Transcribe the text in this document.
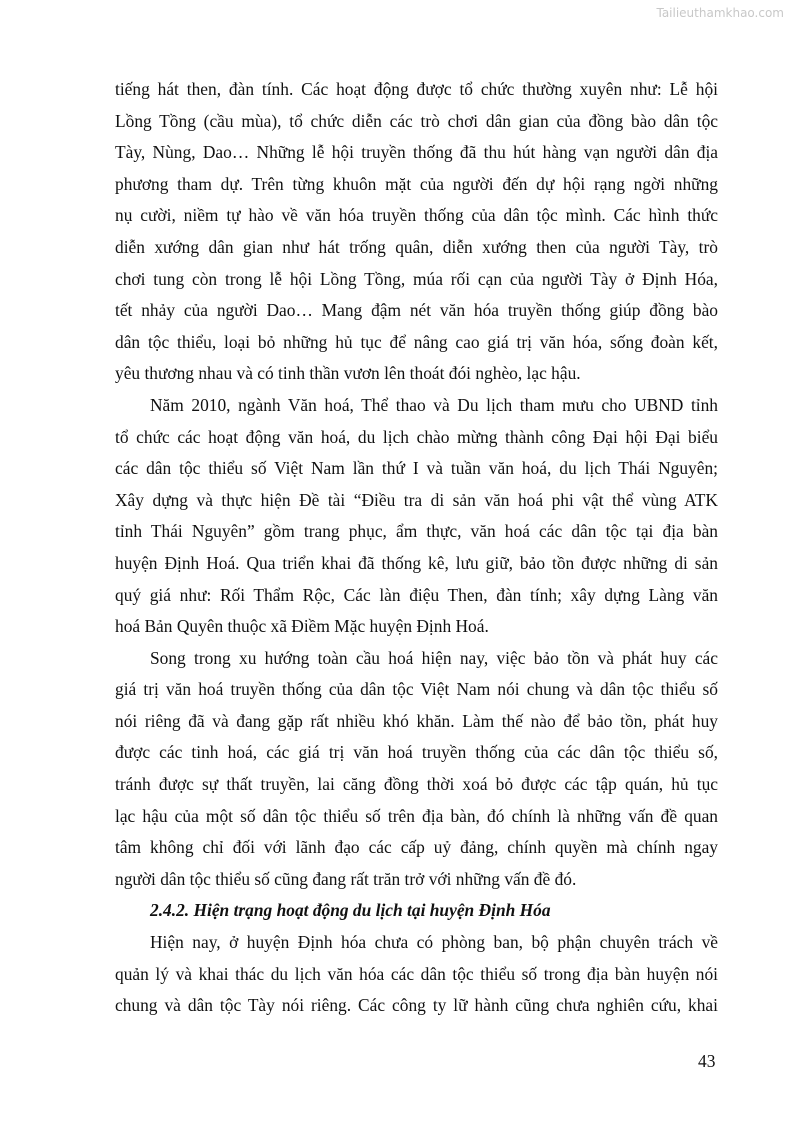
Tailieuthamkhao.com
tiếng hát then, đàn tính. Các hoạt động được tổ chức thường xuyên như: Lễ hội
Lồng Tồng (cầu mùa), tổ chức diễn các trò chơi dân gian của đồng bào dân tộc
Tày, Nùng, Dao… Những lễ hội truyền thống đã thu hút hàng vạn người dân địa
phương tham dự. Trên từng khuôn mặt của người đến dự hội rạng ngời những
nụ cười, niềm tự hào về văn hóa truyền thống của dân tộc mình. Các hình thức
diễn xướng dân gian như hát trống quân, diễn xướng then của người Tày, trò
chơi tung còn trong lễ hội Lồng Tồng, múa rối cạn của người Tày ở Định Hóa,
tết nhảy của người Dao… Mang đậm nét văn hóa truyền thống giúp đồng bào
dân tộc thiểu, loại bỏ những hủ tục để nâng cao giá trị văn hóa, sống đoàn kết,
yêu thương nhau và có tinh thần vươn lên thoát đói nghèo, lạc hậu.
Năm 2010, ngành Văn hoá, Thể thao và Du lịch tham mưu cho UBND tỉnh
tổ chức các hoạt động văn hoá, du lịch chào mừng thành công Đại hội Đại biểu
các dân tộc thiểu số Việt Nam lần thứ I và tuần văn hoá, du lịch Thái Nguyên;
Xây dựng và thực hiện Đề tài “Điều tra di sản văn hoá phi vật thể vùng ATK
tỉnh Thái Nguyên” gồm trang phục, ẩm thực, văn hoá các dân tộc tại địa bàn
huyện Định Hoá. Qua triển khai đã thống kê, lưu giữ, bảo tồn được những di sản
quý giá như: Rối Thẩm Rộc, Các làn điệu Then, đàn tính; xây dựng Làng văn
hoá Bản Quyên thuộc xã Điềm Mặc huyện Định Hoá.
Song trong xu hướng toàn cầu hoá hiện nay, việc bảo tồn và phát huy các
giá trị văn hoá truyền thống của dân tộc Việt Nam nói chung và dân tộc thiểu số
nói riêng đã và đang gặp rất nhiều khó khăn. Làm thế nào để bảo tồn, phát huy
được các tinh hoá, các giá trị văn hoá truyền thống của các dân tộc thiểu số,
tránh được sự thất truyền, lai căng đồng thời xoá bỏ được các tập quán, hủ tục
lạc hậu của một số dân tộc thiểu số trên địa bàn, đó chính là những vấn đề quan
tâm không chỉ đối với lãnh đạo các cấp uỷ đảng, chính quyền mà chính ngay
người dân tộc thiểu số cũng đang rất trăn trở với những vấn đề đó.
2.4.2. Hiện trạng hoạt động du lịch tại huyện Định Hóa
Hiện nay, ở huyện Định hóa chưa có phòng ban, bộ phận chuyên trách về
quản lý và khai thác du lịch văn hóa các dân tộc thiểu số trong địa bàn huyện nói
chung và dân tộc Tày nói riêng. Các công ty lữ hành cũng chưa nghiên cứu, khai
43
